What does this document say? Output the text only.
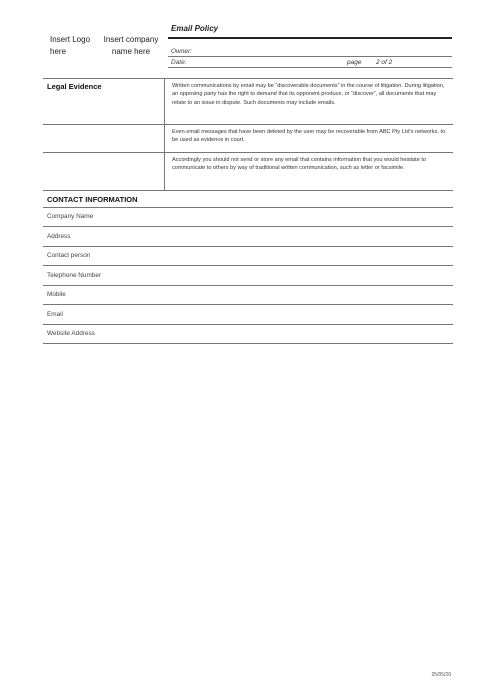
Insert Logo here
Insert company name here
Email Policy
Owner:
Date:	page 2 of 2
Legal Evidence	Written communications by email may be “discoverable documents” in the course of litigation. During litigation, an opposing party has the right to demand that its opponent produce, or “discover”, all documents that may relate to an issue in dispute. Such documents may include emails.
Even email messages that have been deleted by the user may be recoverable from ABC Pty Ltd’s networks, to be used as evidence in court.
Accordingly you should not send or store any email that contains information that you would hesitate to communicate to others by way of traditional written communication, such as letter or facsimile.
CONTACT INFORMATION
Company Name
Address
Contact person
Telephone Number
Mobile
Email
Website Address
25/05/20
